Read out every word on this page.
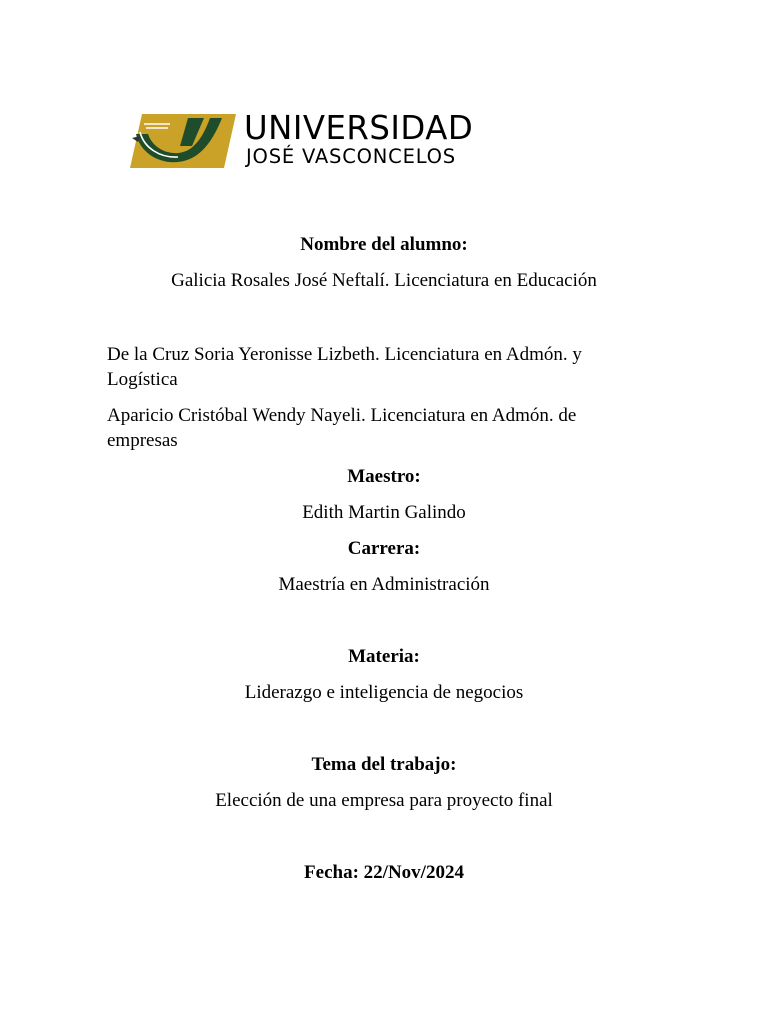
UNIVERSIDAD
JOSÉ VASCONCELOS
Nombre del alumno:
Galicia Rosales José Neftalí. Licenciatura en Educación
De la Cruz Soria Yeronisse Lizbeth. Licenciatura en Admón. y Logística
Aparicio Cristóbal Wendy Nayeli. Licenciatura en Admón. de empresas
Maestro:
Edith Martin Galindo
Carrera:
Maestría en Administración
Materia:
Liderazgo e inteligencia de negocios
Tema del trabajo:
Elección de una empresa para proyecto final
Fecha: 22/Nov/2024
